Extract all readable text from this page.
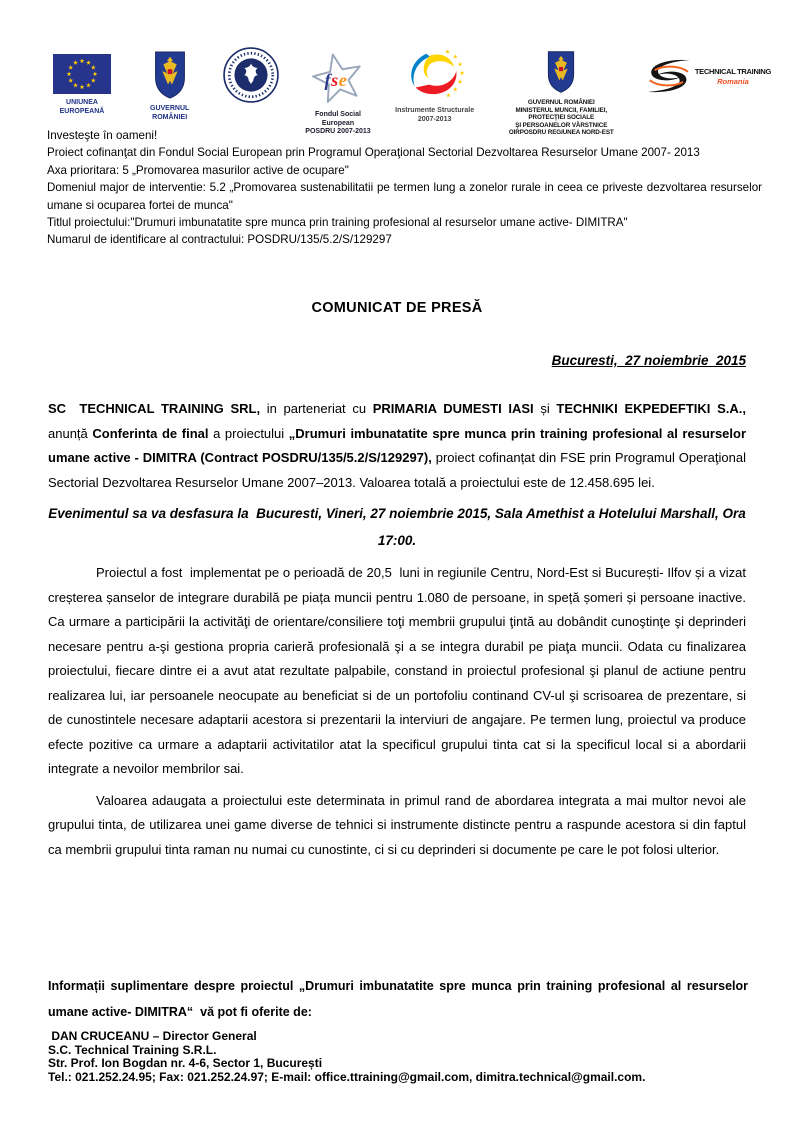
UNIUNEA EUROPEANĂ	GUVERNUL ROMÂNIEI
fse
Fondul Social European
POSDRU 2007-2013
Instrumente Structurale
2007-2013
GUVERNUL ROMÂNIEI
MINISTERUL MUNCII, FAMILIEI,
PROTECŢIEI SOCIALE
ŞI PERSOANELOR VÂRSTNICE
OIRPOSDRU REGIUNEA NORD-EST
TECHNICAL TRAINING
Romania
Investeşte în oameni!
Proiect cofinanţat din Fondul Social European prin Programul Operaţional Sectorial Dezvoltarea Resurselor Umane 2007- 2013
Axa prioritara: 5 „Promovarea masurilor active de ocupare"
Domeniul major de interventie: 5.2 „Promovarea sustenabilitatii pe termen lung a zonelor rurale in ceea ce priveste dezvoltarea resurselor umane si ocuparea fortei de munca"
Titlul proiectului:"Drumuri imbunatatite spre munca prin training profesional al resurselor umane active- DIMITRA"
Numarul de identificare al contractului: POSDRU/135/5.2/S/129297
COMUNICAT DE PRESĂ
Bucuresti,  27 noiembrie  2015

SC  TECHNICAL TRAINING SRL, in parteneriat cu PRIMARIA DUMESTI IASI și TECHNIKI EKPEDEFTIKI S.A., anunță Conferinta de final a proiectului „Drumuri imbunatatite spre munca prin training profesional al resurselor umane active - DIMITRA (Contract POSDRU/135/5.2/S/129297), proiect cofinanțat din FSE prin Programul Operaţional Sectorial Dezvoltarea Resurselor Umane 2007–2013. Valoarea totală a proiectului este de 12.458.695 lei.

Evenimentul sa va desfasura la  Bucuresti, Vineri, 27 noiembrie 2015, Sala Amethist a Hotelului Marshall, Ora 17:00.

Proiectul a fost  implementat pe o perioadă de 20,5  luni in regiunile Centru, Nord-Est si București- Ilfov și a vizat creșterea șanselor de integrare durabilă pe piața muncii pentru 1.080 de persoane, in speță șomeri și persoane inactive. Ca urmare a participării la activităţi de orientare/consiliere toţi membrii grupului ţintă au dobândit cunoştinţe şi deprinderi necesare pentru a-şi gestiona propria carieră profesională şi a se integra durabil pe piaţa muncii. Odata cu finalizarea proiectului, fiecare dintre ei a avut atat rezultate palpabile, constand in proiectul profesional şi planul de actiune pentru realizarea lui, iar persoanele neocupate au beneficiat si de un portofoliu continand CV-ul şi scrisoarea de prezentare, si de cunostintele necesare adaptarii acestora si prezentarii la interviuri de angajare. Pe termen lung, proiectul va produce efecte pozitive ca urmare a adaptarii activitatilor atat la specificul grupului tinta cat si la specificul local si a abordarii integrate a nevoilor membrilor sai.

Valoarea adaugata a proiectului este determinata in primul rand de abordarea integrata a mai multor nevoi ale grupului tinta, de utilizarea unei game diverse de tehnici si instrumente distincte pentru a raspunde acestora si din faptul ca membrii grupului tinta raman nu numai cu cunostinte, ci si cu deprinderi si documente pe care le pot folosi ulterior.

Informații suplimentare despre proiectul „Drumuri imbunatatite spre munca prin training profesional al resurselor umane active- DIMITRA“  vă pot fi oferite de:

DAN CRUCEANU – Director General
S.C. Technical Training S.R.L.
Str. Prof. Ion Bogdan nr. 4-6, Sector 1, București
Tel.: 021.252.24.95; Fax: 021.252.24.97; E-mail: office.ttraining@gmail.com, dimitra.technical@gmail.com.
